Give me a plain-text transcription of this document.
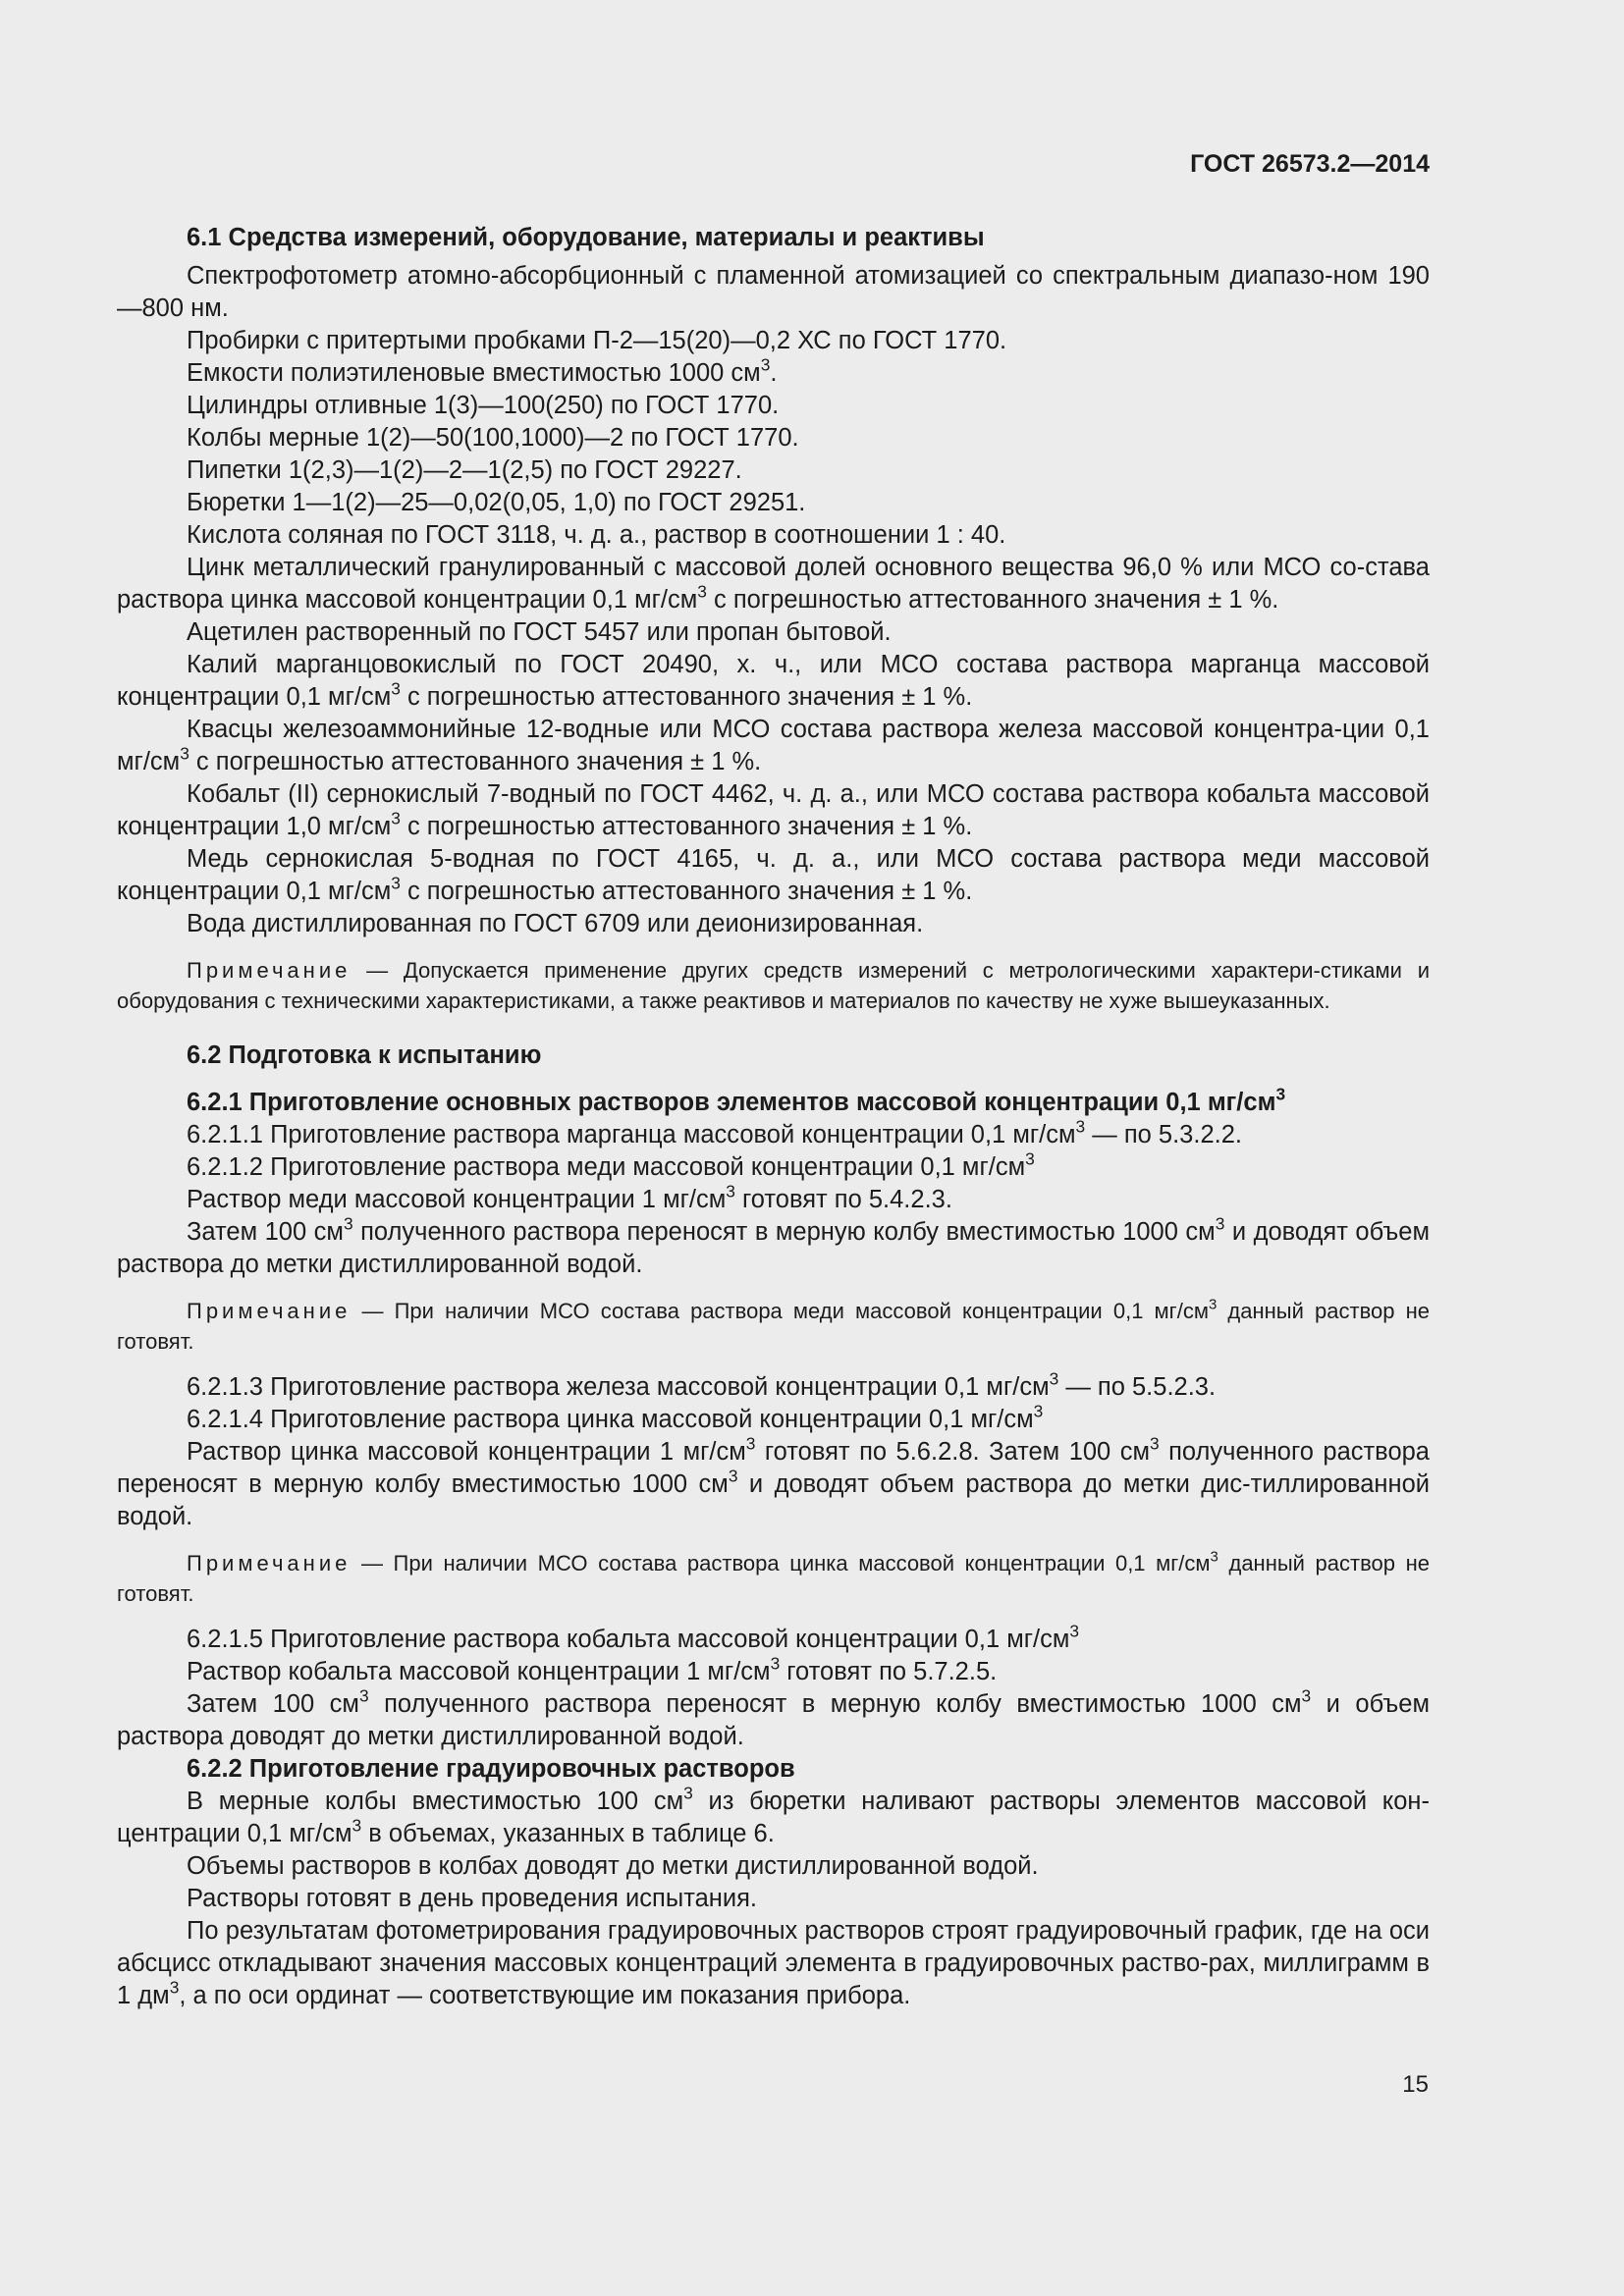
ГОСТ 26573.2—2014

6.1 Средства измерений, оборудование, материалы и реактивы

Спектрофотометр атомно-абсорбционный с пламенной атомизацией со спектральным диапазо-ном 190—800 нм.

Пробирки с притертыми пробками П-2—15(20)—0,2 ХС по ГОСТ 1770.

Емкости полиэтиленовые вместимостью 1000 $см^3$.

Цилиндры отливные 1(3)—100(250) по ГОСТ 1770.

Колбы мерные 1(2)—50(100,1000)—2 по ГОСТ 1770.

Пипетки 1(2,3)—1(2)—2—1(2,5) по ГОСТ 29227.

Бюретки 1—1(2)—25—0,02(0,05, 1,0) по ГОСТ 29251.

Кислота соляная по ГОСТ 3118, ч. д. а., раствор в соотношении 1 : 40.

Цинк металлический гранулированный с массовой долей основного вещества 96,0 % или МСО со-става раствора цинка массовой концентрации 0,1 $мг/см^3$ с погрешностью аттестованного значения ± 1 %.

Ацетилен растворенный по ГОСТ 5457 или пропан бытовой.

Калий марганцовокислый по ГОСТ 20490, х. ч., или МСО состава раствора марганца массовой концентрации 0,1 $мг/см^3$ с погрешностью аттестованного значения ± 1 %.

Квасцы железоаммонийные 12-водные или МСО состава раствора железа массовой концентра-ции 0,1 $мг/см^3$ с погрешностью аттестованного значения ± 1 %.

Кобальт (II) сернокислый 7-водный по ГОСТ 4462, ч. д. а., или МСО состава раствора кобальта массовой концентрации 1,0 $мг/см^3$ с погрешностью аттестованного значения ± 1 %.

Медь сернокислая 5-водная по ГОСТ 4165, ч. д. а., или МСО состава раствора меди массовой концентрации 0,1 $мг/см^3$ с погрешностью аттестованного значения ± 1 %.

Вода дистиллированная по ГОСТ 6709 или деионизированная.

Примечание — Допускается применение других средств измерений с метрологическими характери-стиками и оборудования с техническими характеристиками, а также реактивов и материалов по качеству не хуже вышеуказанных.

6.2 Подготовка к испытанию

6.2.1 Приготовление основных растворов элементов массовой концентрации 0,1 $мг/см^3$

6.2.1.1 Приготовление раствора марганца массовой концентрации 0,1 $мг/см^3$ — по 5.3.2.2.

6.2.1.2 Приготовление раствора меди массовой концентрации 0,1 $мг/см^3$

Раствор меди массовой концентрации 1 $мг/см^3$ готовят по 5.4.2.3.

Затем 100 $см^3$ полученного раствора переносят в мерную колбу вместимостью 1000 $см^3$ и доводят объем раствора до метки дистиллированной водой.

Примечание — При наличии МСО состава раствора меди массовой концентрации 0,1 $мг/см^3$ данный раствор не готовят.

6.2.1.3 Приготовление раствора железа массовой концентрации 0,1 $мг/см^3$ — по 5.5.2.3.

6.2.1.4 Приготовление раствора цинка массовой концентрации 0,1 $мг/см^3$

Раствор цинка массовой концентрации 1 $мг/см^3$ готовят по 5.6.2.8. Затем 100 $см^3$ полученного раствора переносят в мерную колбу вместимостью 1000 $см^3$ и доводят объем раствора до метки дис-тиллированной водой.

Примечание — При наличии МСО состава раствора цинка массовой концентрации 0,1 $мг/см^3$ данный раствор не готовят.

6.2.1.5 Приготовление раствора кобальта массовой концентрации 0,1 $мг/см^3$

Раствор кобальта массовой концентрации 1 $мг/см^3$ готовят по 5.7.2.5.

Затем 100 $см^3$ полученного раствора переносят в мерную колбу вместимостью 1000 $см^3$ и объем раствора доводят до метки дистиллированной водой.

6.2.2 Приготовление градуировочных растворов

В мерные колбы вместимостью 100 $см^3$ из бюретки наливают растворы элементов массовой кон-центрации 0,1 $мг/см^3$ в объемах, указанных в таблице 6.

Объемы растворов в колбах доводят до метки дистиллированной водой.

Растворы готовят в день проведения испытания.

По результатам фотометрирования градуировочных растворов строят градуировочный график, где на оси абсцисс откладывают значения массовых концентраций элемента в градуировочных раство-рах, миллиграмм в 1 $дм^3$, а по оси ординат — соответствующие им показания прибора.

15
